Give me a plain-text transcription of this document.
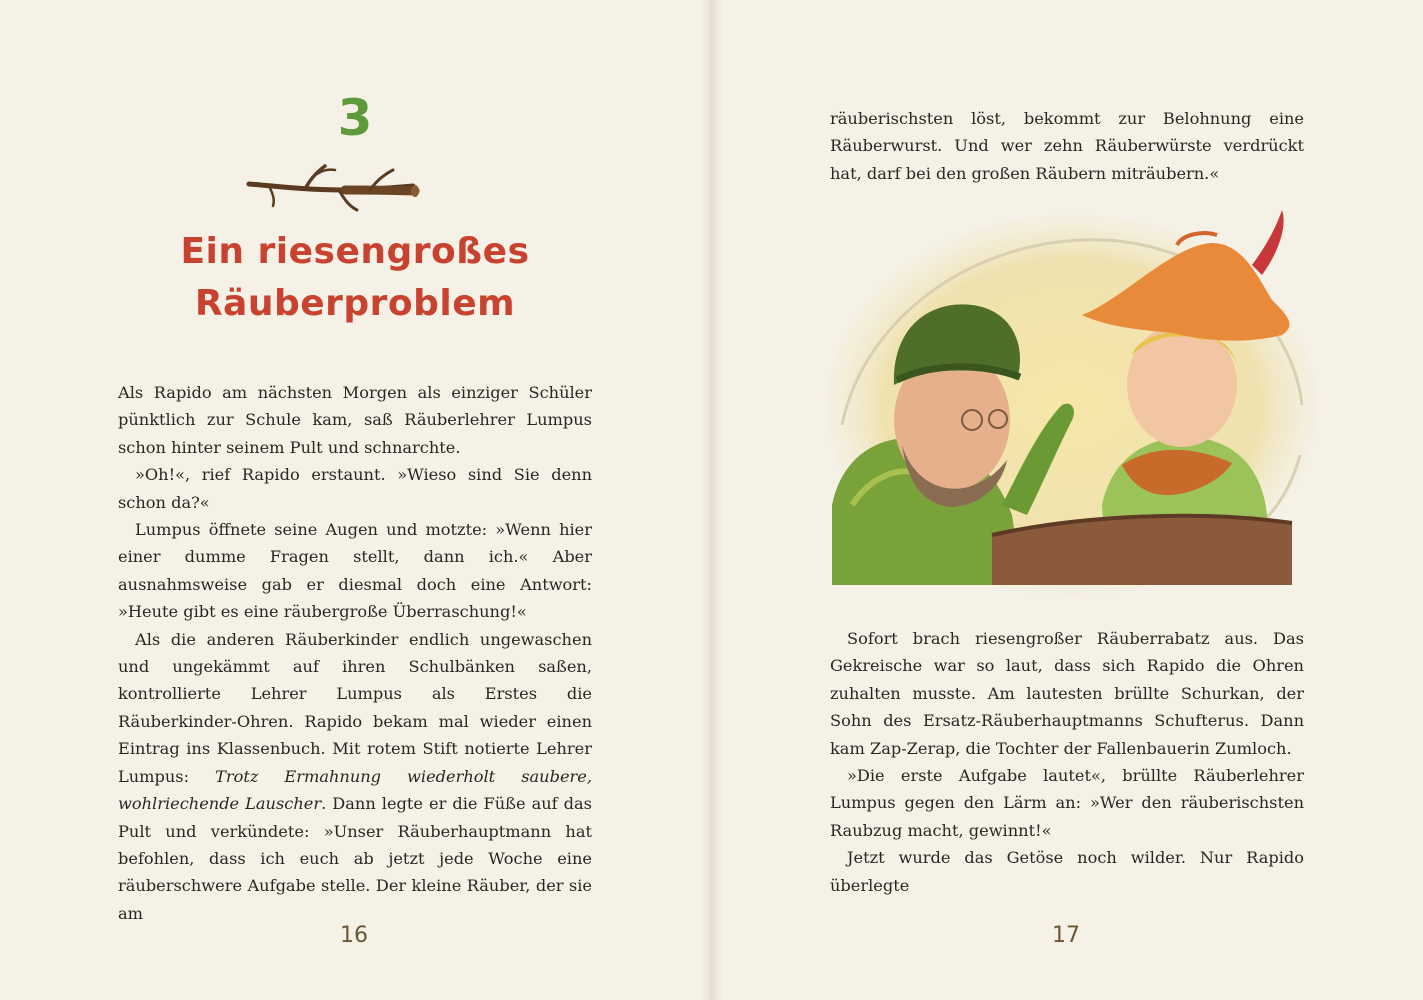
3
Ein riesengroßes
Räuberproblem

Als Rapido am nächsten Morgen als einziger Schüler pünktlich zur Schule kam, saß Räuberlehrer Lumpus schon hinter seinem Pult und schnarchte.

»Oh!«, rief Rapido erstaunt. »Wieso sind Sie denn schon da?«

Lumpus öffnete seine Augen und motzte: »Wenn hier einer dumme Fragen stellt, dann ich.« Aber ausnahmsweise gab er diesmal doch eine Antwort: »Heute gibt es eine räubergroße Überraschung!«

Als die anderen Räuberkinder endlich ungewaschen und ungekämmt auf ihren Schulbänken saßen, kontrollierte Lehrer Lumpus als Erstes die Räuberkinder-Ohren. Rapido bekam mal wieder einen Eintrag ins Klassenbuch. Mit rotem Stift notierte Lehrer Lumpus: Trotz Ermahnung wiederholt saubere, wohlriechende Lauscher. Dann legte er die Füße auf das Pult und verkündete: »Unser Räuberhauptmann hat befohlen, dass ich euch ab jetzt jede Woche eine räuberschwere Aufgabe stelle. Der kleine Räuber, der sie am

16

räuberischsten löst, bekommt zur Belohnung eine Räuberwurst. Und wer zehn Räuberwürste verdrückt hat, darf bei den großen Räubern miträubern.«

Sofort brach riesengroßer Räuberrabatz aus. Das Gekreische war so laut, dass sich Rapido die Ohren zuhalten musste. Am lautesten brüllte Schurkan, der Sohn des Ersatz-Räuberhauptmanns Schufterus. Dann kam Zap-Zerap, die Tochter der Fallenbauerin Zumloch.

»Die erste Aufgabe lautet«, brüllte Räuberlehrer Lumpus gegen den Lärm an: »Wer den räuberischsten Raubzug macht, gewinnt!«

Jetzt wurde das Getöse noch wilder. Nur Rapido überlegte

17
